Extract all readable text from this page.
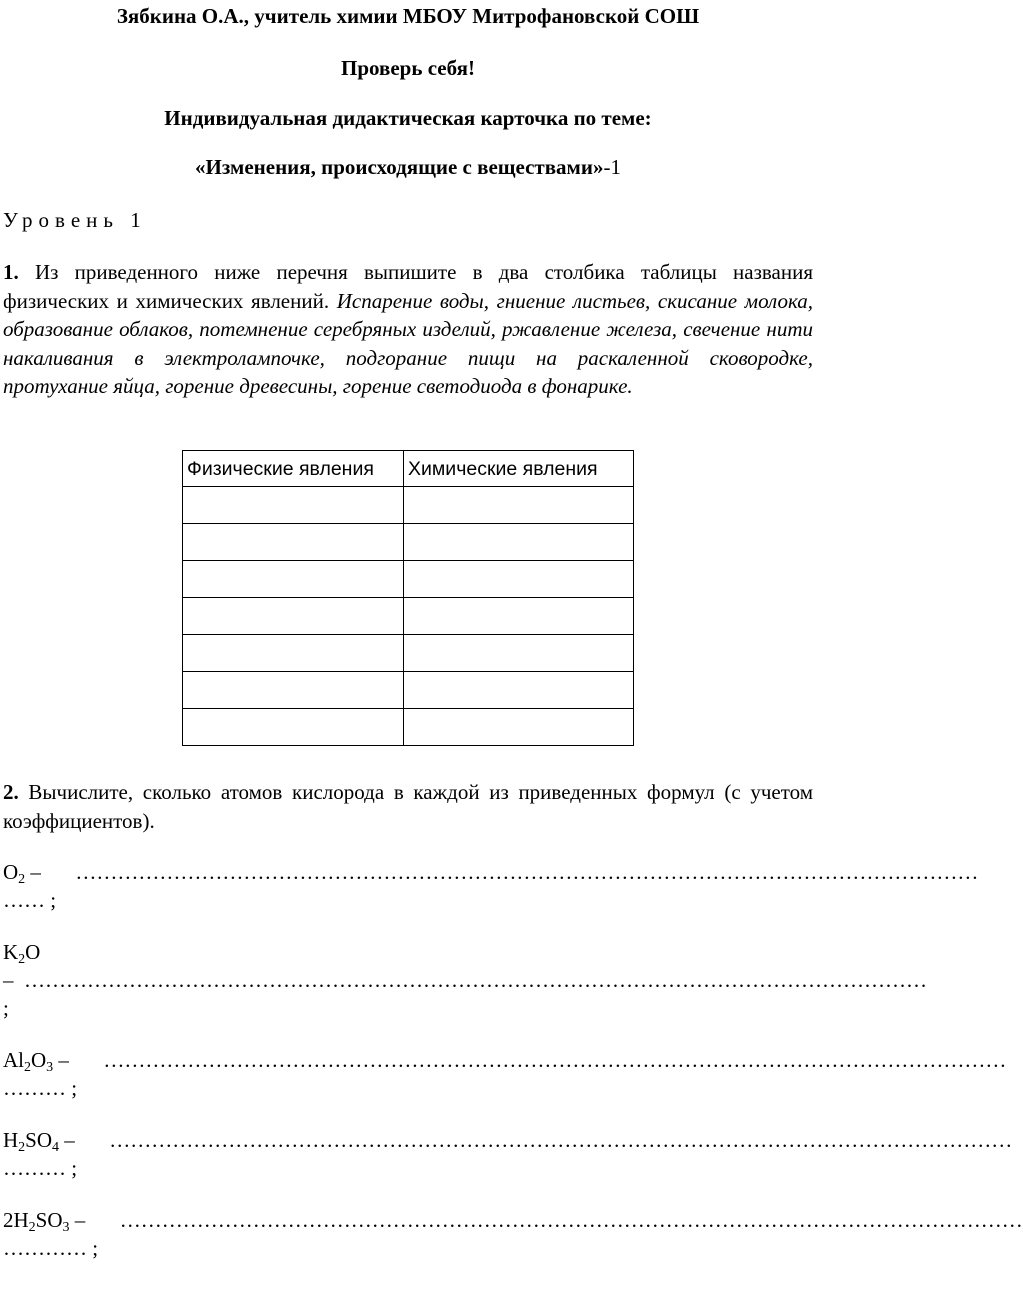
Зябкина О.А., учитель химии МБОУ Митрофановской СОШ
Проверь себя!
Индивидуальная дидактическая карточка по теме:
«Изменения, происходящие с веществами»-1
Уровень 1
1. Из приведенного ниже перечня выпишите в два столбика таблицы названия физических и химических явлений. Испарение воды, гниение листьев, скисание молока, образование облаков, потемнение серебряных изделий, ржавление железа, свечение нити накаливания в электролампочке, подгорание пищи на раскаленной сковородке, протухание яйца, горение древесины, горение светодиода в фонарике.
Физические явления	Химические явления

2. Вычислите, сколько атомов кислорода в каждой из приведенных формул (с учетом коэффициентов).
$O_2$ –  …………………………………………………………………………………………………………………
…… ;
$K_2O$
–  …………………………………………………………………………………………………………………
;
$Al_2O_3$ –  …………………………………………………………………………………………………………………
……… ;
$H_2SO_4$ –  …………………………………………………………………………………………………………………
……… ;
$2H_2SO_3$ –  …………………………………………………………………………………………………………………
………… ;
